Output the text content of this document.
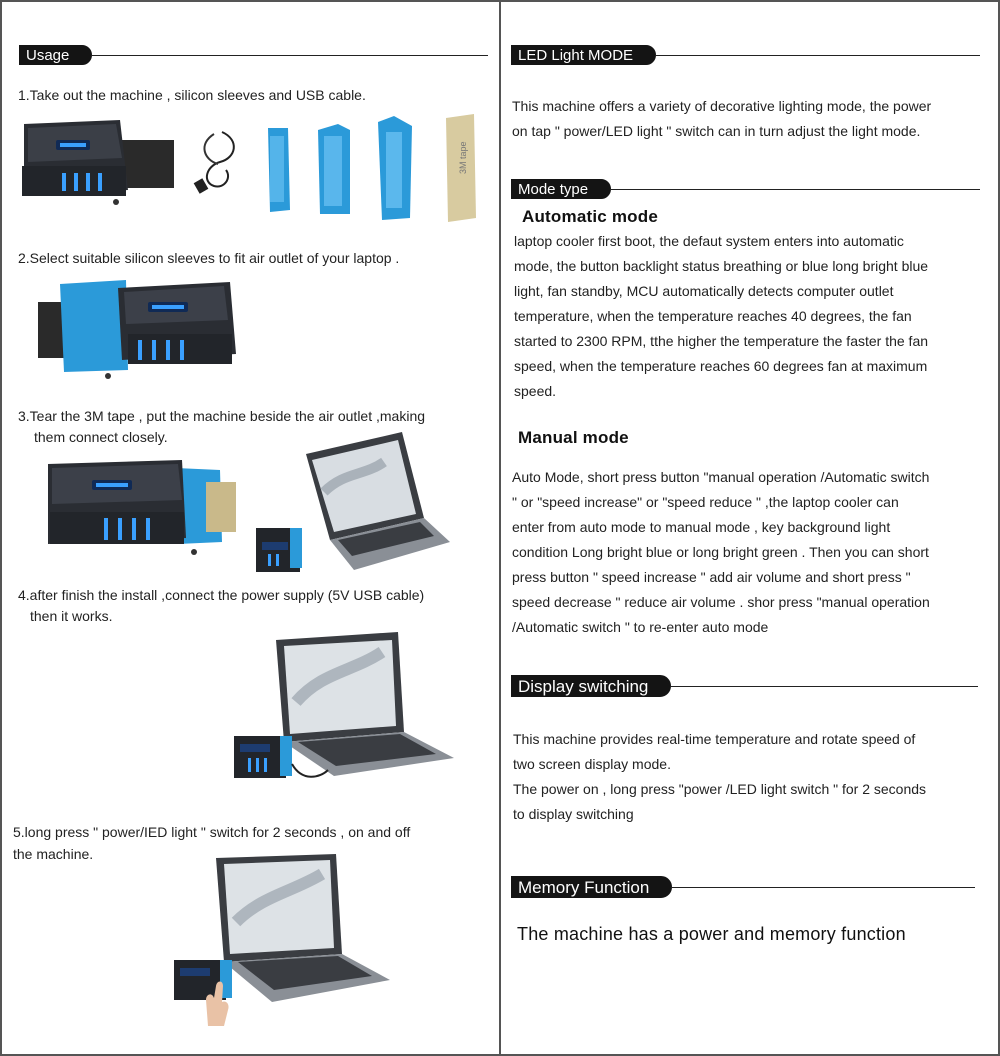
Usage
1.Take out the machine , silicon sleeves and USB cable.
3M tape
2.Select suitable silicon sleeves to fit air outlet of your laptop .
3.Tear the 3M tape , put the machine beside the air outlet ,making
them connect closely.
4.after finish the install ,connect the power supply (5V USB cable)
then it works.
5.long press " power/IED light " switch for 2 seconds , on and off
the machine.
LED Light MODE
This machine offers a variety of decorative lighting mode, the power
on tap " power/LED light " switch can in turn adjust the light mode.
Mode type
Automatic mode
laptop cooler first boot, the defaut system enters into automatic
mode, the button backlight status breathing or blue long bright blue
light, fan standby, MCU automatically detects computer outlet
temperature, when the temperature reaches 40 degrees, the fan
started to 2300 RPM, tthe higher the temperature the faster the fan
speed, when the temperature reaches 60 degrees fan at maximum
speed.
Manual mode
Auto Mode, short press button "manual operation /Automatic switch
" or "speed increase" or "speed reduce " ,the laptop cooler can
enter from auto mode to manual mode , key background light
condition Long bright blue or long bright green . Then you can short
press button " speed increase " add air volume and short press "
speed decrease " reduce air volume . shor press "manual operation
/Automatic switch " to re-enter auto mode
Display switching
This machine provides real-time temperature and rotate speed of
two screen display mode.
The power on , long press "power /LED light switch " for 2 seconds
to display switching
Memory Function
The machine has a power and memory function
